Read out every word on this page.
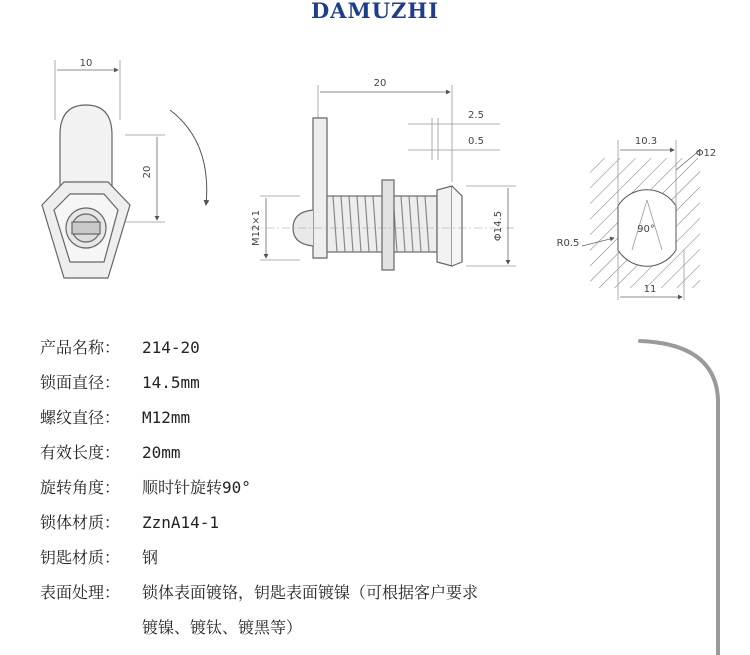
DAMUZHI
10
20
20
2.5
0.5
M12×1	Φ14.5
10.3
Φ12
R0.5
90°
11
产品名称： 214-20
锁面直径： 14.5mm
螺纹直径： M12mm
有效长度： 20mm
旋转角度： 顺时针旋转90°
锁体材质： ZznA14-1
钥匙材质： 钢
表面处理： 锁体表面镀铬，钥匙表面镀镍（可根据客户要求
镀镍、镀钛、镀黑等）
